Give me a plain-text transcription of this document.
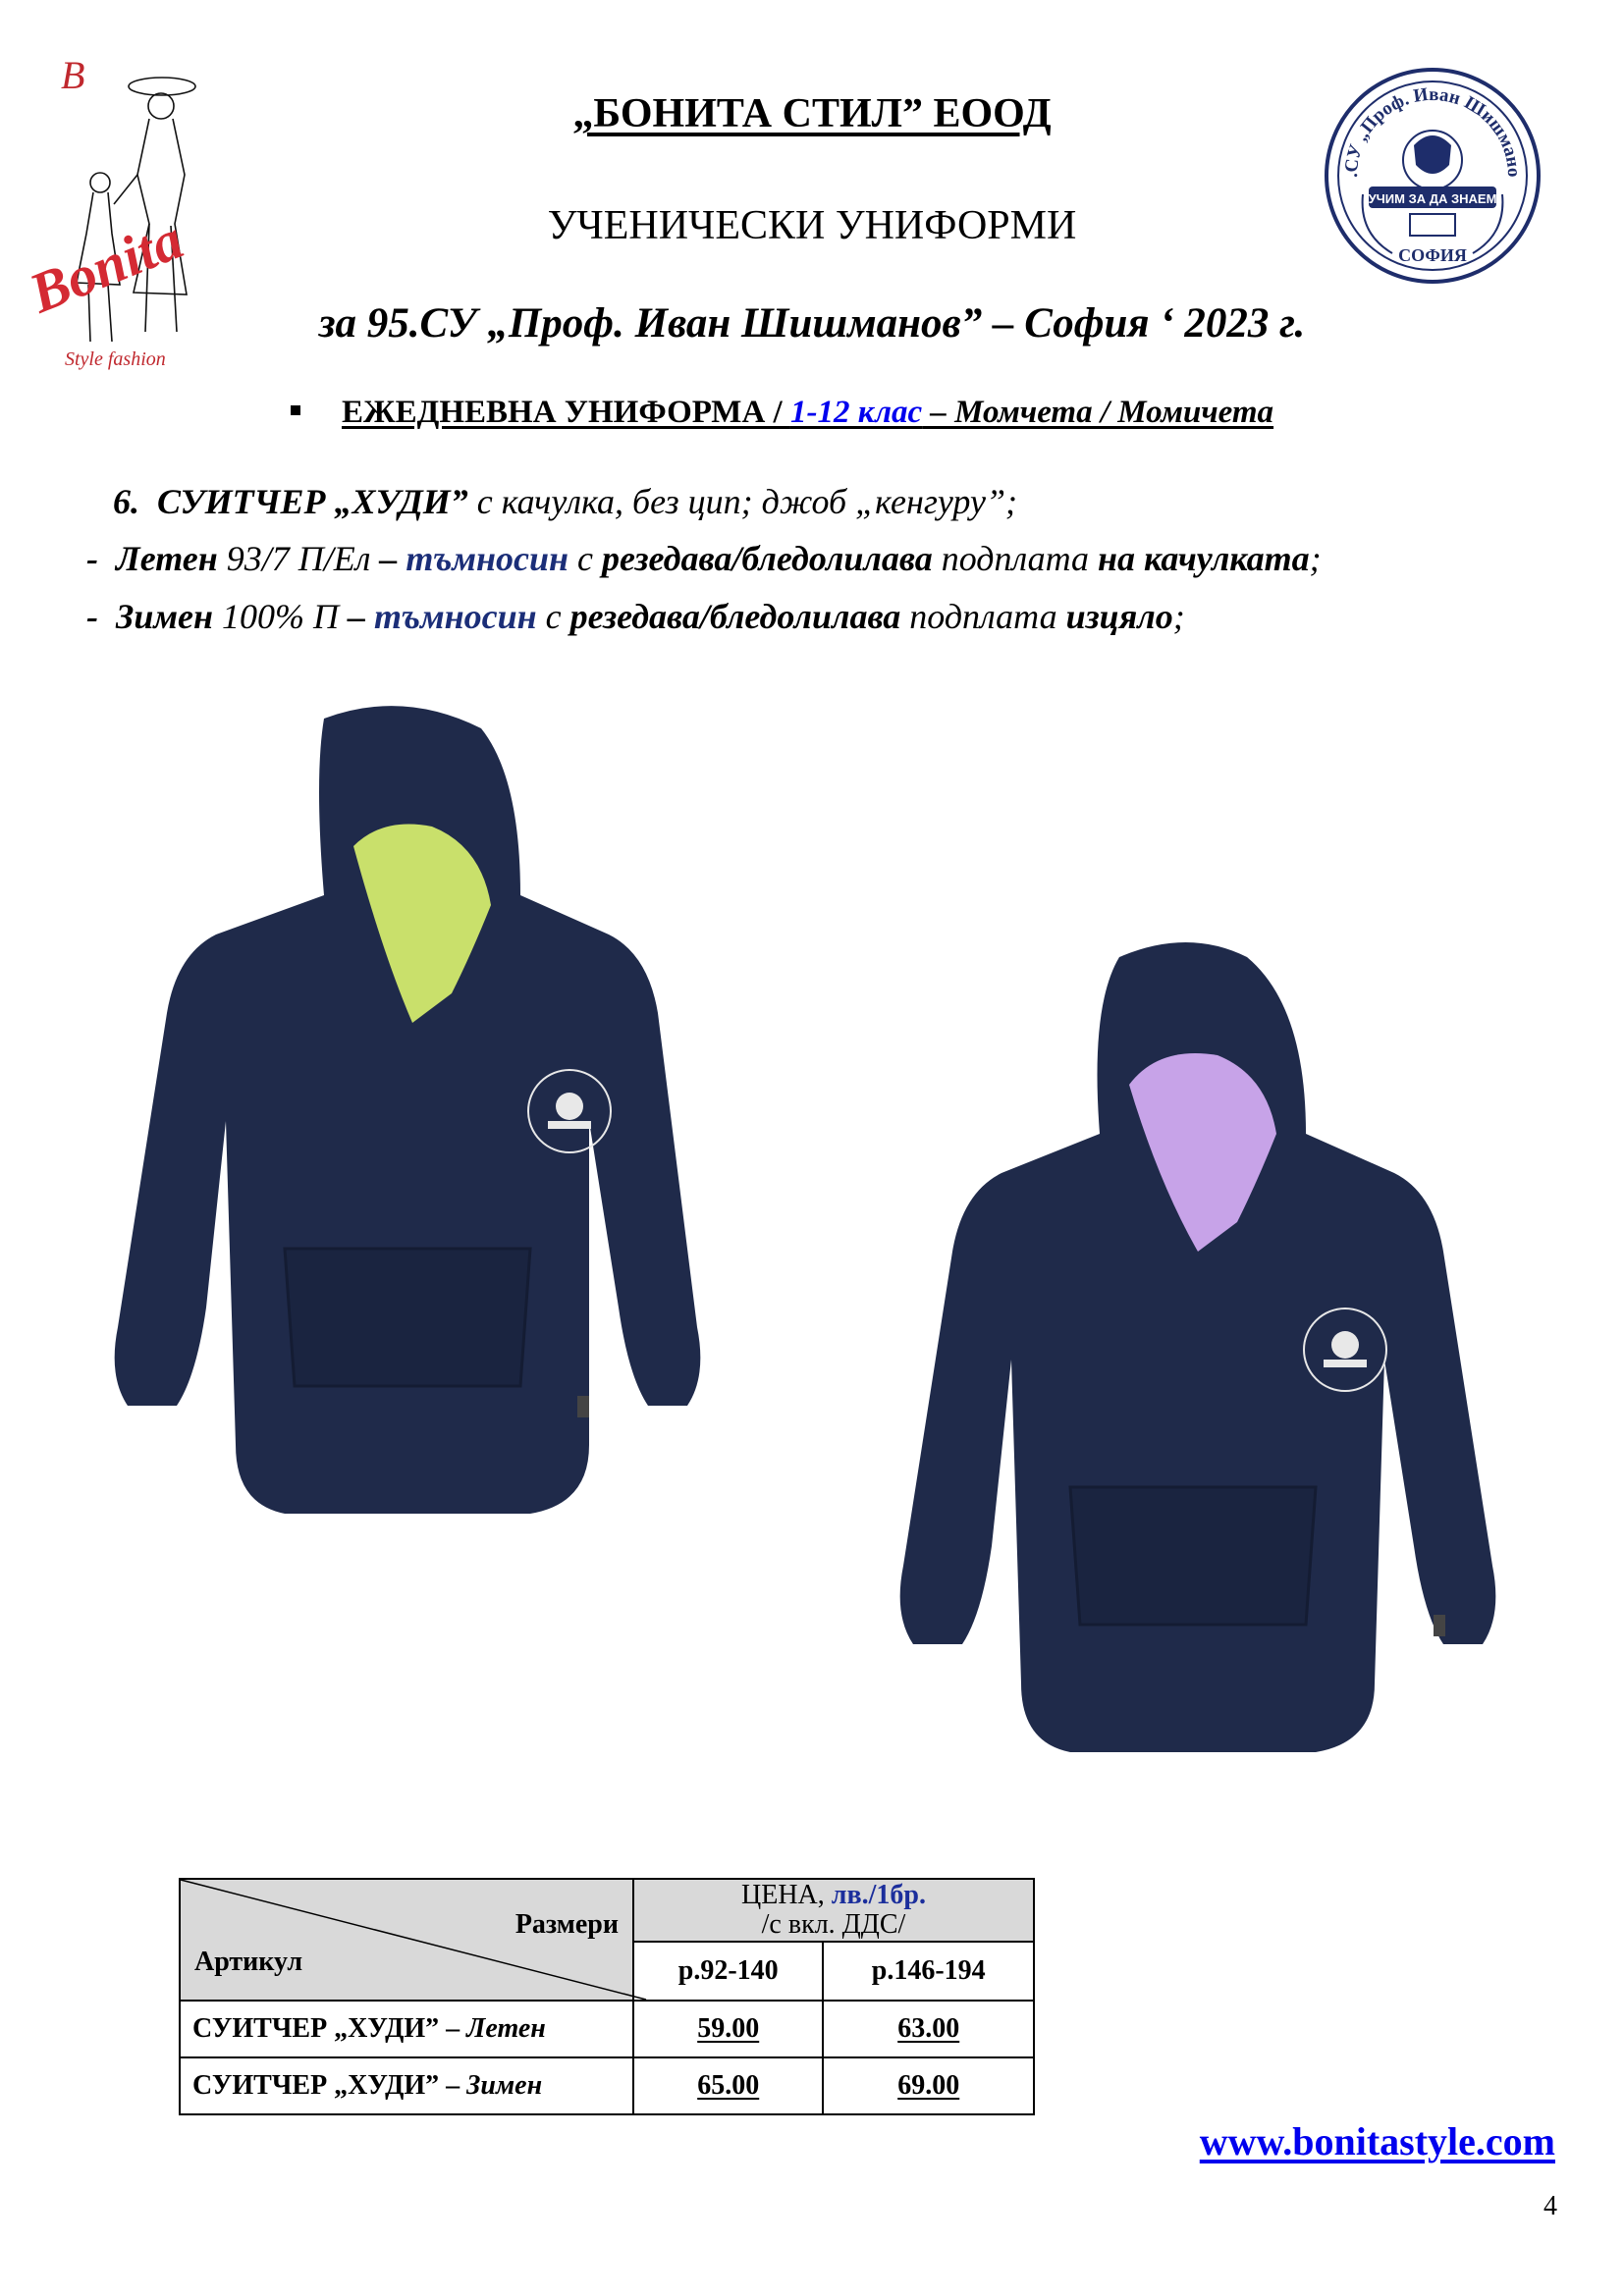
B
Bonita
Style fashion
.СУ „Проф. Иван Шишмано
УЧИМ ЗА ДА ЗНАЕМ
СОФИЯ
„БОНИТА СТИЛ” ЕООД
УЧЕНИЧЕСКИ УНИФОРМИ
за 95.СУ „Проф. Иван Шишманов” – София ‘ 2023 г.
ЕЖЕДНЕВНА УНИФОРМА / 1-12 клас – Момчета / Момичета
6. СУИТЧЕР „ХУДИ” с качулка, без цип; джоб „кенгуру”;
- Летен 93/7 П/Ел – тъмносин с резедава/бледолилава подплата на качулката;
- Зимен 100% П – тъмносин с резедава/бледолилава подплата изцяло;
Размери
Артикул	ЦЕНА, лв./1бр.
/с вкл. ДДС/	
	р.92-140	р.146-194
СУИТЧЕР „ХУДИ” – Летен	59.00	63.00
СУИТЧЕР „ХУДИ” – Зимен	65.00	69.00
www.bonitastyle.com
4
